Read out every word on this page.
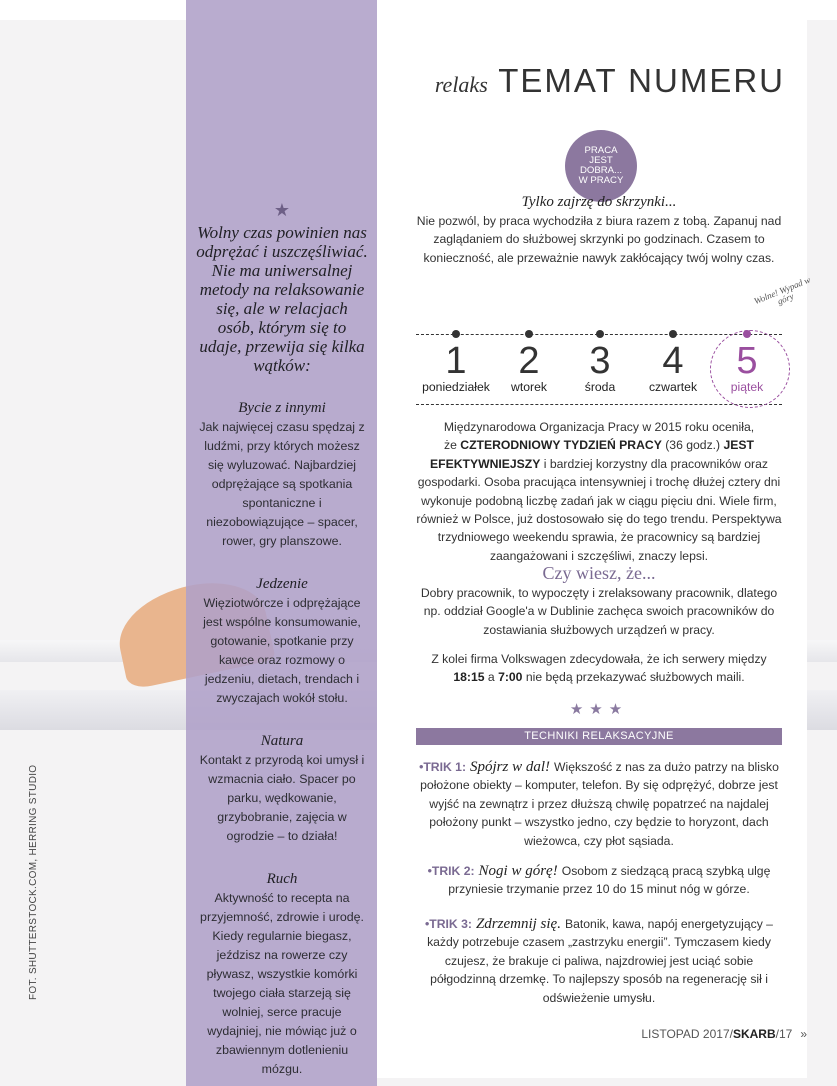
FOT. SHUTTERSTOCK.COM, HERRING STUDIO
★
Wolny czas powinien nas odprężać i uszczęśliwiać. Nie ma uniwersalnej metody na relaksowanie się, ale w relacjach osób, którym się to udaje, przewija się kilka wątków:
Bycie z innymi

Jak najwięcej czasu spędzaj z ludźmi, przy których możesz się wyluzować. Najbardziej odprężające są spotkania spontaniczne i niezobowiązujące – spacer, rower, gry planszowe.

Jedzenie

Więziotwórcze i odprężające jest wspólne konsumowanie, gotowanie, spotkanie przy kawce oraz rozmowy o jedzeniu, dietach, trendach i zwyczajach wokół stołu.

Natura

Kontakt z przyrodą koi umysł i wzmacnia ciało. Spacer po parku, wędkowanie, grzybobranie, zajęcia w ogrodzie – to działa!

Ruch

Aktywność to recepta na przyjemność, zdrowie i urodę. Kiedy regularnie biegasz, jeździsz na rowerze czy pływasz, wszystkie komórki twojego ciała starzeją się wolniej, serce pracuje wydajniej, nie mówiąc już o zbawiennym dotlenieniu mózgu.

relaks TEMAT NUMERU
PRACA JEST DOBRA... W PRACY
Tylko zajrzę do skrzynki...

Nie pozwól, by praca wychodziła z biura razem z tobą. Zapanuj nad zaglądaniem do służbowej skrzynki po godzinach. Czasem to konieczność, ale przeważnie nawyk zakłócający twój wolny czas.

Wolne! Wypad w góry
1
poniedziałek
2
wtorek
3
środa
4
czwartek
5
piątek

Międzynarodowa Organizacja Pracy w 2015 roku oceniła,
że CZTERODNIOWY TYDZIEŃ PRACY (36 godz.) JEST EFEKTYWNIEJSZY i bardziej korzystny dla pracowników oraz gospodarki. Osoba pracująca intensywniej i trochę dłużej cztery dni wykonuje podobną liczbę zadań jak w ciągu pięciu dni. Wiele firm, również w Polsce, już dostosowało się do tego trendu. Perspektywa trzydniowego weekendu sprawia, że pracownicy są bardziej zaangażowani i szczęśliwi, znaczy lepsi.

Czy wiesz, że...

Dobry pracownik, to wypoczęty i zrelaksowany pracownik, dlatego np. oddział Google'a w Dublinie zachęca swoich pracowników do zostawiania służbowych urządzeń w pracy.

Z kolei firma Volkswagen zdecydowała, że ich serwery między 18:15 a 7:00 nie będą przekazywać służbowych maili.

★★★
TECHNIKI RELAKSACYJNE

•TRIK 1: Spójrz w dal! Większość z nas za dużo patrzy na blisko położone obiekty – komputer, telefon. By się odprężyć, dobrze jest wyjść na zewnątrz i przez dłuższą chwilę popatrzeć na najdalej położony punkt – wszystko jedno, czy będzie to horyzont, dach wieżowca, czy płot sąsiada.

•TRIK 2: Nogi w górę! Osobom z siedzącą pracą szybką ulgę przyniesie trzymanie przez 10 do 15 minut nóg w górze.

•TRIK 3: Zdrzemnij się. Batonik, kawa, napój energetyzujący – każdy potrzebuje czasem „zastrzyku energii”. Tymczasem kiedy czujesz, że brakuje ci paliwa, najzdrowiej jest uciąć sobie półgodzinną drzemkę. To najlepszy sposób na regenerację sił i odświeżenie umysłu.

LISTOPAD 2017/SKARB/17 »
